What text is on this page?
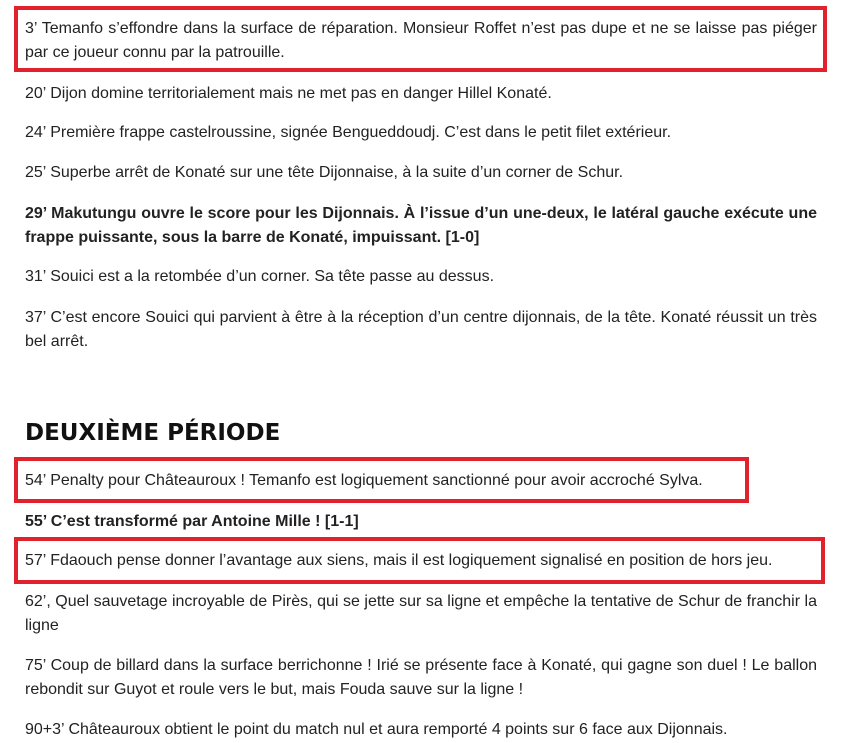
3’ Temanfo s’effondre dans la surface de réparation. Monsieur Roffet n’est pas dupe et ne se laisse pas piéger par ce joueur connu par la patrouille.

20’ Dijon domine territorialement mais ne met pas en danger Hillel Konaté.

24’ Première frappe castelroussine, signée Bengueddoudj. C’est dans le petit filet extérieur.

25’ Superbe arrêt de Konaté sur une tête Dijonnaise, à la suite d’un corner de Schur.

29’ Makutungu ouvre le score pour les Dijonnais. À l’issue d’un une-deux, le latéral gauche exécute une frappe puissante, sous la barre de Konaté, impuissant. [1-0]

31’ Souici est a la retombée d’un corner. Sa tête passe au dessus.

37’ C’est encore Souici qui parvient à être à la réception d’un centre dijonnais, de la tête. Konaté réussit un très bel arrêt.

DEUXIÈME PÉRIODE

54’ Penalty pour Châteauroux ! Temanfo est logiquement sanctionné pour avoir accroché Sylva.

55’ C’est transformé par Antoine Mille ! [1-1]

57’ Fdaouch pense donner l’avantage aux siens, mais il est logiquement signalisé en position de hors jeu.

62’, Quel sauvetage incroyable de Pirès, qui se jette sur sa ligne et empêche la tentative de Schur de franchir la ligne

75’ Coup de billard dans la surface berrichonne ! Irié se présente face à Konaté, qui gagne son duel ! Le ballon rebondit sur Guyot et roule vers le but, mais Fouda sauve sur la ligne !

90+3’ Châteauroux obtient le point du match nul et aura remporté 4 points sur 6 face aux Dijonnais.
